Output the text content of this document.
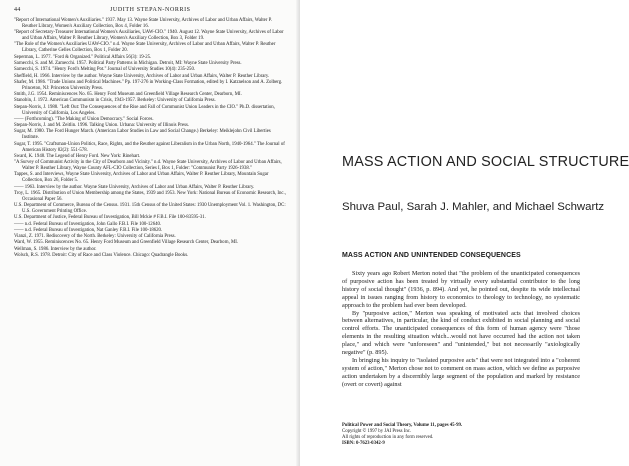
44	JUDITH STEPAN-NORRIS
"Report of International Women's Auxiliaries." 1937. May 13. Wayne State University, Archives of Labor and Urban Affairs, Walter P. Reuther Library, Women's Auxiliary Collection, Box 4, Folder 16.
"Report of Secretary-Treasurer International Women's Auxiliaries, UAW-CIO." 1940. August 12. Wayne State University, Archives of Labor and Urban Affairs, Walter P. Reuther Library, Women's Auxiliary Collection, Box 3, Folder 19.
"The Role of the Women's Auxiliaries UAW-CIO." n.d. Wayne State University, Archives of Labor and Urban Affairs, Walter P. Reuther Library, Catherine Gelles Collection, Box 1, Folder 20.
Seperman, L. 1977. "Ford & Organized." Political Affairs 56(3): 19-25.
Sarnecchi, S. and M. Zamecchi. 1957. Political Party Patterns in Michigan. Detroit, MI: Wayne State University Press.
Sarnecchi, S. 1974. "Henry Ford's Melting Pot." Journal of University Studies 10(4): 235-250.
Sheffield, H. 1966. Interview by the author. Wayne State University, Archives of Labor and Urban Affairs, Walter P. Reuther Library.
Shafer, M. 1986. "Trade Unions and Political Machines." Pp. 197-276 in Working-Class Formation, edited by I. Katznelson and A. Zolberg. Princeton, NJ: Princeton University Press.
Smith, J.G. 1954. Reminiscences No. 65. Henry Ford Museum and Greenfield Village Research Center, Dearborn, MI.
Stanobin, J. 1972. American Communism in Crisis, 1943-1957. Berkeley: University of California Press.
Stepan-Norris, J. 1988. "Left Out: The Consequences of the Rise and Fall of Communist Union Leaders in the CIO." Ph.D. dissertation, University of California, Los Angeles.
—— (Forthcoming). "The Making of Union Democracy." Social Forces.
Stepan-Norris, J. and M. Zeitlin. 1996. Talking Union. Urbana: University of Illinois Press.
Sugar, M. 1980. The Ford Hunger March. (American Labor Studies in Law and Social Change.) Berkeley: Meiklejohn Civil Liberties Institute.
Sugar, T. 1995. "Craftsman-Union Politics, Race, Rights, and the Reuther against Liberalism in the Urban North, 1940-1964." The Journal of American History 82(2): 551-578.
Sward, K. 1948. The Legend of Henry Ford. New York: Rinehart.
"A Survey of Communist Activity in the City of Dearborn and Vicinity." n.d. Wayne State University, Archives of Labor and Urban Affairs, Walter P. Reuther Library, Wayne County AFL-CIO Collection, Series I, Box 1, Folder: "Communist Party 1926-1938."
Tappes, S. and Interviews, Wayne State University, Archives of Labor and Urban Affairs, Walter P. Reuther Library, Mountain Sugar Collection, Box 26, Folder 5.
—— 1963. Interview by the author. Wayne State University, Archives of Labor and Urban Affairs, Walter P. Reuther Library.
Troy, L. 1965. Distribution of Union Membership among the States, 1939 and 1953. New York: National Bureau of Economic Research, Inc., Occasional Paper 56.
U.S. Department of Commerce, Bureau of the Census. 1931. 15th Census of the United States: 1930 Unemployment Vol. 1. Washington, DC: U.S. Government Printing Office.
U.S. Department of Justice, Federal Bureau of Investigation, Bill Mckie # F.B.I. File 100-83595-31.
—— n.d. Federal Bureau of Investigation, John Gallo F.B.I. File 100-12640.
—— n.d. Federal Bureau of Investigation, Nat Ganley F.B.I. File 100-18620.
Vianzi, Z. 1971. Rediscovery of the North. Berkeley: University of California Press.
Ward, W. 1955. Reminiscences No. 65. Henry Ford Museum and Greenfield Village Research Center, Dearborn, MI.
Wellman, S. 1986. Interview by the author.
Wolsch, R.S. 1978. Detroit: City of Race and Class Violence. Chicago: Quadrangle Books.
MASS ACTION AND SOCIAL STRUCTURE
Shuva Paul, Sarah J. Mahler, and Michael Schwartz
MASS ACTION AND UNINTENDED CONSEQUENCES

Sixty years ago Robert Merton noted that "the problem of the unanticipated consequences of purposive action has been treated by virtually every substantial contributor to the long history of social thought" (1936, p. 894). And yet, he pointed out, despite its wide intellectual appeal in issues ranging from history to economics to theology to technology, no systematic approach to the problem had ever been developed.

By "purposive action," Merton was speaking of motivated acts that involved choices between alternatives, in particular, the kind of conduct exhibited in social planning and social control efforts. The unanticipated consequences of this form of human agency were "those elements in the resulting situation which...would not have occurred had the action not taken place," and which were "unforeseen" and "unintended," but not necessarily "axiologically negative" (p. 895).

In bringing his inquiry to "isolated purposive acts" that were not integrated into a "coherent system of action," Merton chose not to comment on mass action, which we define as purposive action undertaken by a discernibly large segment of the population and marked by resistance (overt or covert) against

Political Power and Social Theory, Volume 11, pages 45-99.
Copyright © 1997 by JAI Press Inc.
All rights of reproduction in any form reserved.
ISBN: 0-7623-0342-9
